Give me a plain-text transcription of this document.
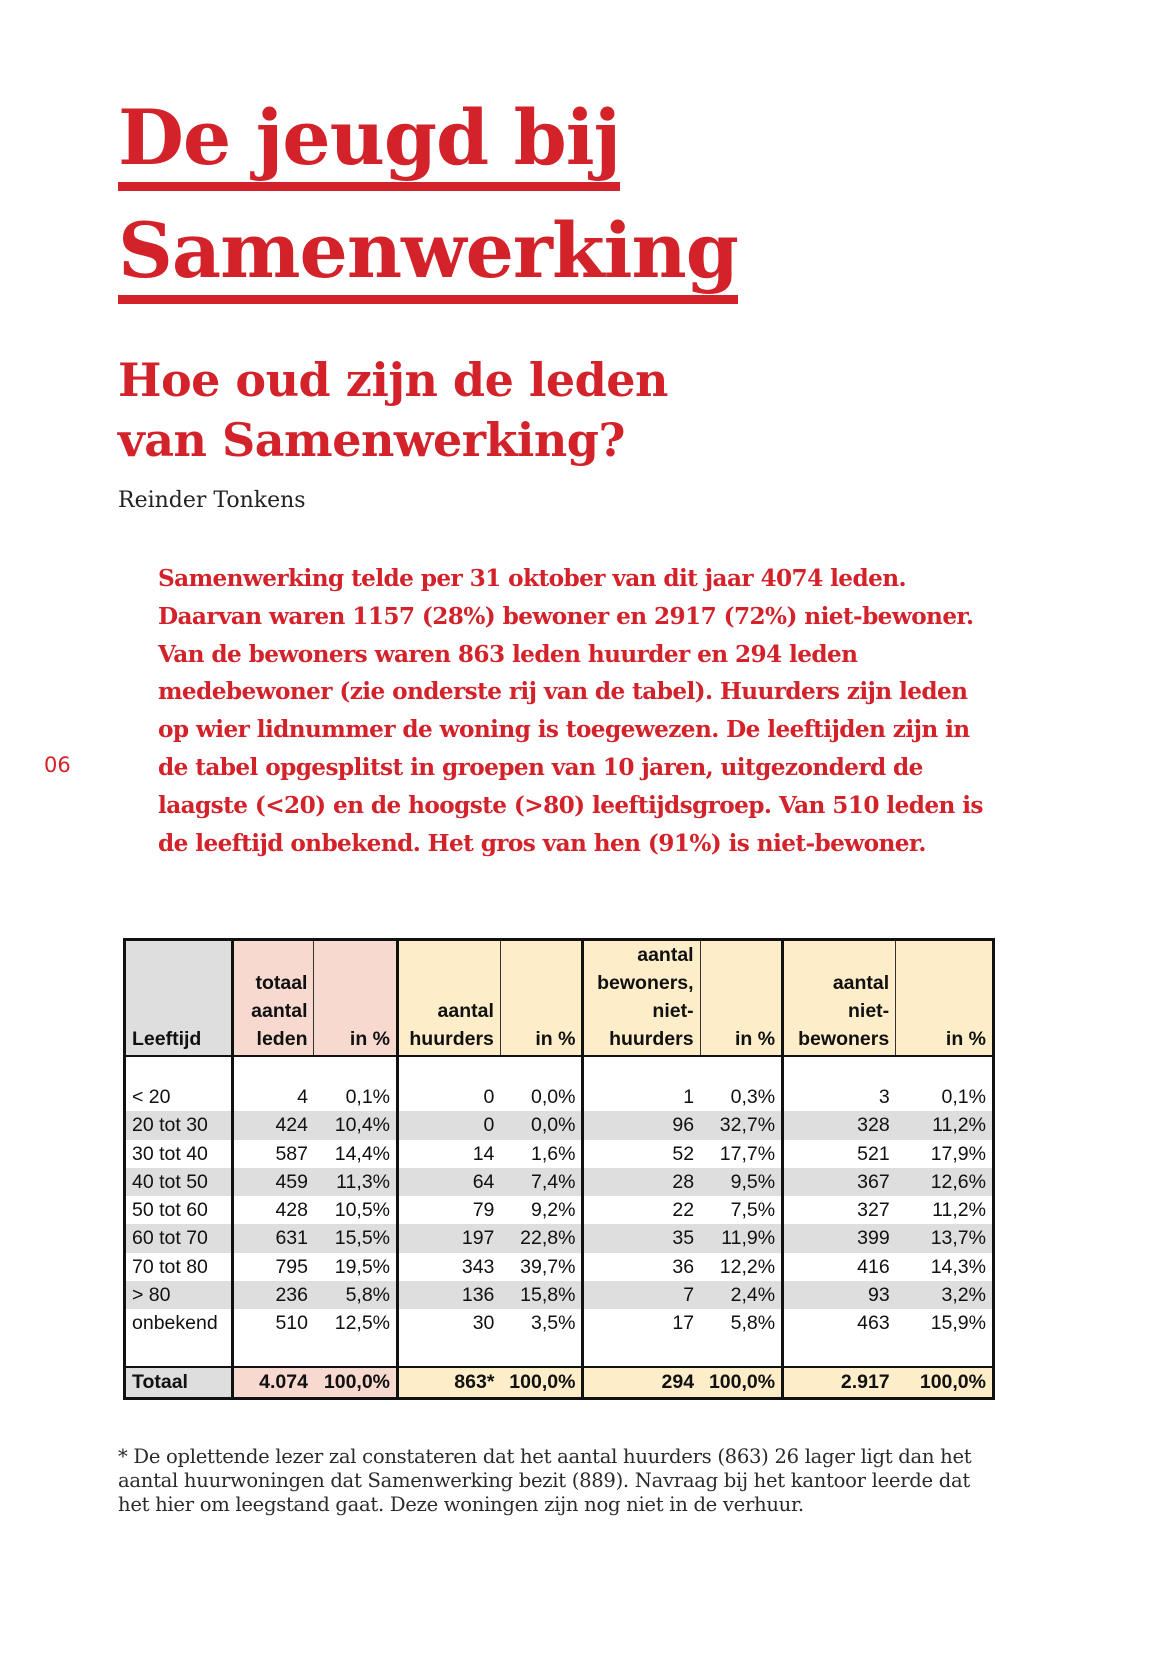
De jeugd bij
Samenwerking
Hoe oud zijn de leden
van Samenwerking?
Reinder Tonkens
06

Samenwerking telde per 31 oktober van dit jaar 4074 leden. Daarvan waren 1157 (28%) bewoner en 2917 (72%) niet-bewoner. Van de bewoners waren 863 leden huurder en 294 leden medebewoner (zie onderste rij van de tabel). Huurders zijn leden op wier lidnummer de woning is toegewezen. De leeftijden zijn in de tabel opgesplitst in groepen van 10 jaren, uitgezonderd de laagste (<20) en de hoogste (>80) leeftijdsgroep. Van 510 leden is de leeftijd onbekend. Het gros van hen (91%) is niet-bewoner.

Leeftijd	totaal aantal leden	in %	aantal huurders	in %	aantal bewoners, niet-huurders	in %	aantal niet-bewoners	in %

< 20	4	0,1%	0	0,0%	1	0,3%	3	0,1%
20 tot 30	424	10,4%	0	0,0%	96	32,7%	328	11,2%
30 tot 40	587	14,4%	14	1,6%	52	17,7%	521	17,9%
40 tot 50	459	11,3%	64	7,4%	28	9,5%	367	12,6%
50 tot 60	428	10,5%	79	9,2%	22	7,5%	327	11,2%
60 tot 70	631	15,5%	197	22,8%	35	11,9%	399	13,7%
70 tot 80	795	19,5%	343	39,7%	36	12,2%	416	14,3%
> 80	236	5,8%	136	15,8%	7	2,4%	93	3,2%
onbekend	510	12,5%	30	3,5%	17	5,8%	463	15,9%

Totaal	4.074	100,0%	863*	100,0%	294	100,0%	2.917	100,0%

* De oplettende lezer zal constateren dat het aantal huurders (863) 26 lager ligt dan het aantal huurwoningen dat Samenwerking bezit (889). Navraag bij het kantoor leerde dat het hier om leegstand gaat. Deze woningen zijn nog niet in de verhuur.
